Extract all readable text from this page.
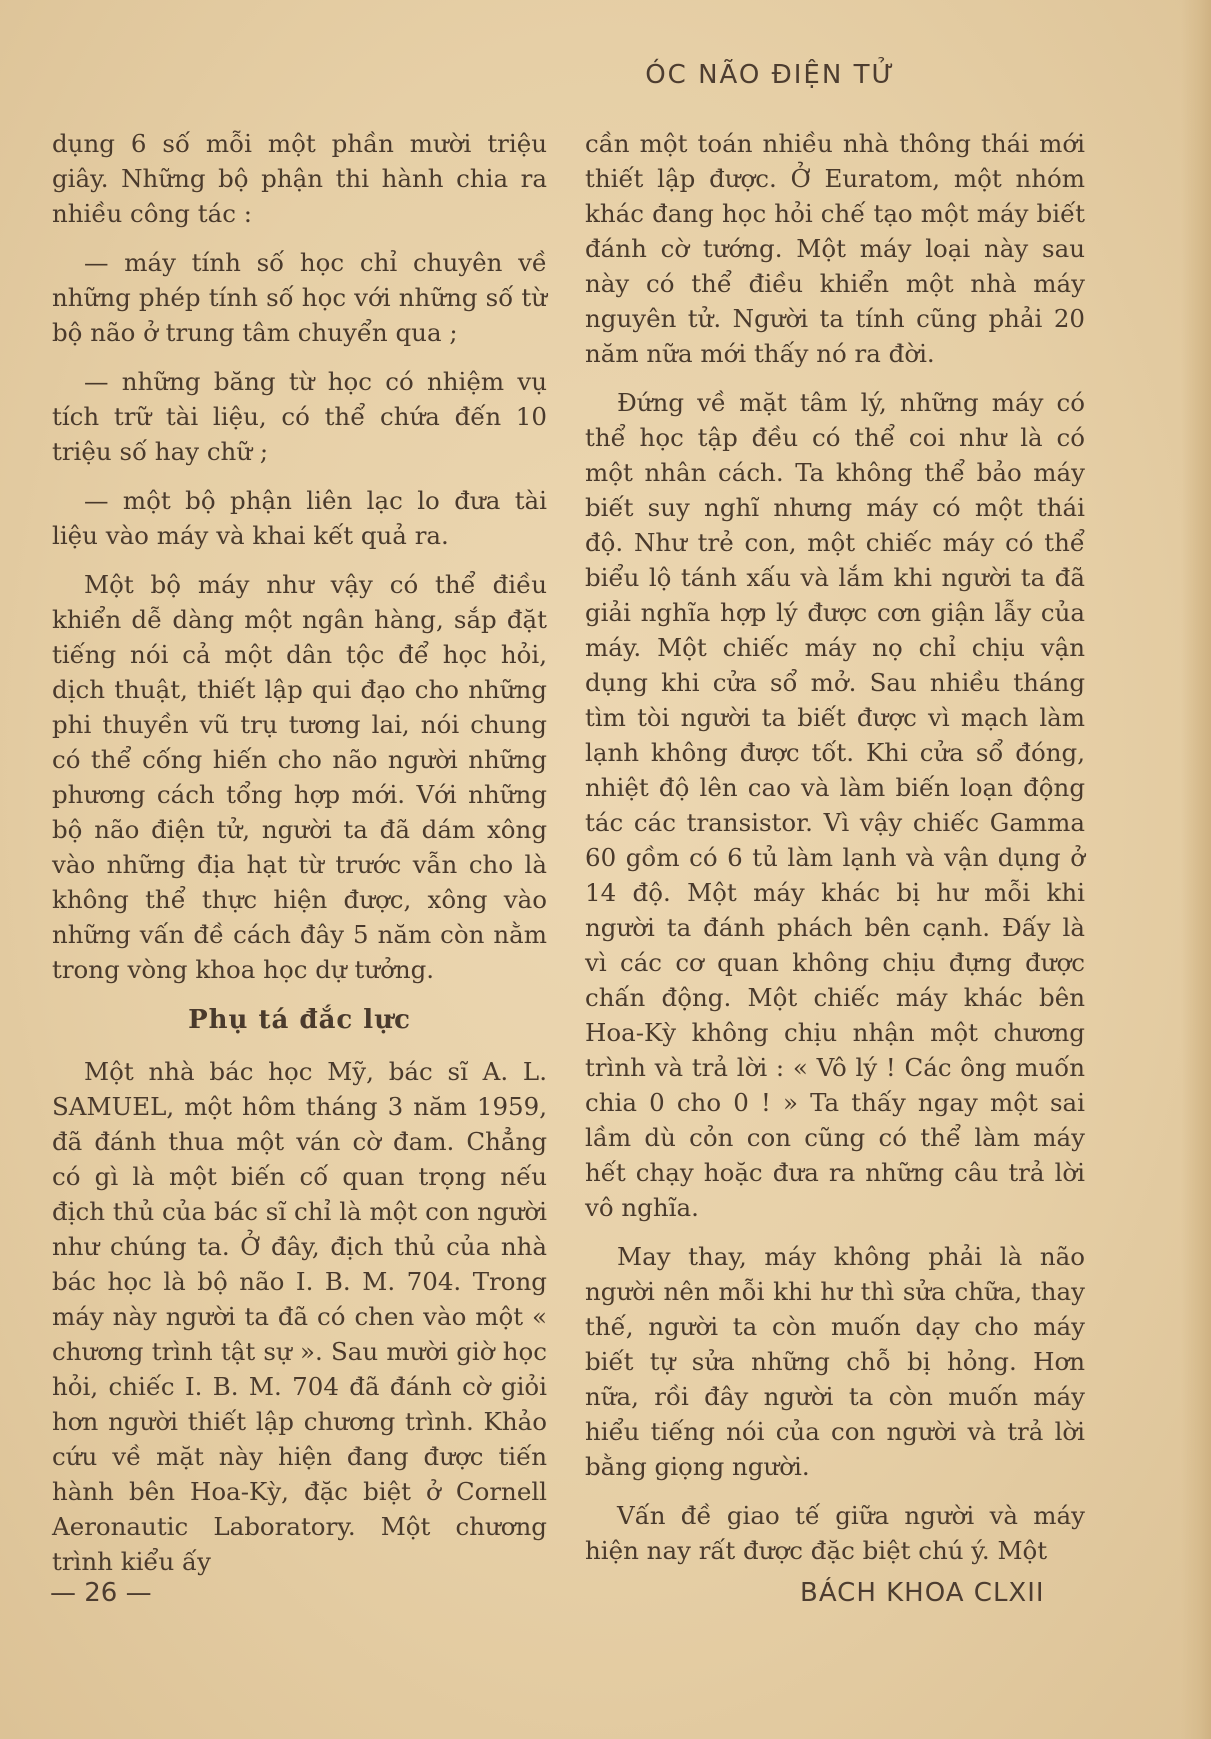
ÓC NÃO ĐIỆN TỬ

dụng 6 số mỗi một phần mười triệu giây. Những bộ phận thi hành chia ra nhiều công tác :

— máy tính số học chỉ chuyên về những phép tính số học với những số từ bộ não ở trung tâm chuyển qua ;

— những băng từ học có nhiệm vụ tích trữ tài liệu, có thể chứa đến 10 triệu số hay chữ ;

— một bộ phận liên lạc lo đưa tài liệu vào máy và khai kết quả ra.

Một bộ máy như vậy có thể điều khiển dễ dàng một ngân hàng, sắp đặt tiếng nói cả một dân tộc để học hỏi, dịch thuật, thiết lập qui đạo cho những phi thuyền vũ trụ tương lai, nói chung có thể cống hiến cho não người những phương cách tổng hợp mới. Với những bộ não điện tử, người ta đã dám xông vào những địa hạt từ trước vẫn cho là không thể thực hiện được, xông vào những vấn đề cách đây 5 năm còn nằm trong vòng khoa học dự tưởng.

Phụ tá đắc lực

Một nhà bác học Mỹ, bác sĩ A. L. SAMUEL, một hôm tháng 3 năm 1959, đã đánh thua một ván cờ đam. Chẳng có gì là một biến cố quan trọng nếu địch thủ của bác sĩ chỉ là một con người như chúng ta. Ở đây, địch thủ của nhà bác học là bộ não I. B. M. 704. Trong máy này người ta đã có chen vào một « chương trình tật sự ». Sau mười giờ học hỏi, chiếc I. B. M. 704 đã đánh cờ giỏi hơn người thiết lập chương trình. Khảo cứu về mặt này hiện đang được tiến hành bên Hoa-Kỳ, đặc biệt ở Cornell Aeronautic Laboratory. Một chương trình kiểu ấy

cần một toán nhiều nhà thông thái mới thiết lập được. Ở Euratom, một nhóm khác đang học hỏi chế tạo một máy biết đánh cờ tướng. Một máy loại này sau này có thể điều khiển một nhà máy nguyên tử. Người ta tính cũng phải 20 năm nữa mới thấy nó ra đời.

Đứng về mặt tâm lý, những máy có thể học tập đều có thể coi như là có một nhân cách. Ta không thể bảo máy biết suy nghĩ nhưng máy có một thái độ. Như trẻ con, một chiếc máy có thể biểu lộ tánh xấu và lắm khi người ta đã giải nghĩa hợp lý được cơn giận lẫy của máy. Một chiếc máy nọ chỉ chịu vận dụng khi cửa sổ mở. Sau nhiều tháng tìm tòi người ta biết được vì mạch làm lạnh không được tốt. Khi cửa sổ đóng, nhiệt độ lên cao và làm biến loạn động tác các transistor. Vì vậy chiếc Gamma 60 gồm có 6 tủ làm lạnh và vận dụng ở 14 độ. Một máy khác bị hư mỗi khi người ta đánh phách bên cạnh. Đấy là vì các cơ quan không chịu đựng được chấn động. Một chiếc máy khác bên Hoa-Kỳ không chịu nhận một chương trình và trả lời : « Vô lý ! Các ông muốn chia 0 cho 0 ! » Ta thấy ngay một sai lầm dù cỏn con cũng có thể làm máy hết chạy hoặc đưa ra những câu trả lời vô nghĩa.

May thay, máy không phải là não người nên mỗi khi hư thì sửa chữa, thay thế, người ta còn muốn dạy cho máy biết tự sửa những chỗ bị hỏng. Hơn nữa, rồi đây người ta còn muốn máy hiểu tiếng nói của con người và trả lời bằng giọng người.

Vấn đề giao tế giữa người và máy hiện nay rất được đặc biệt chú ý. Một

— 26 —	BÁCH KHOA CLXII
